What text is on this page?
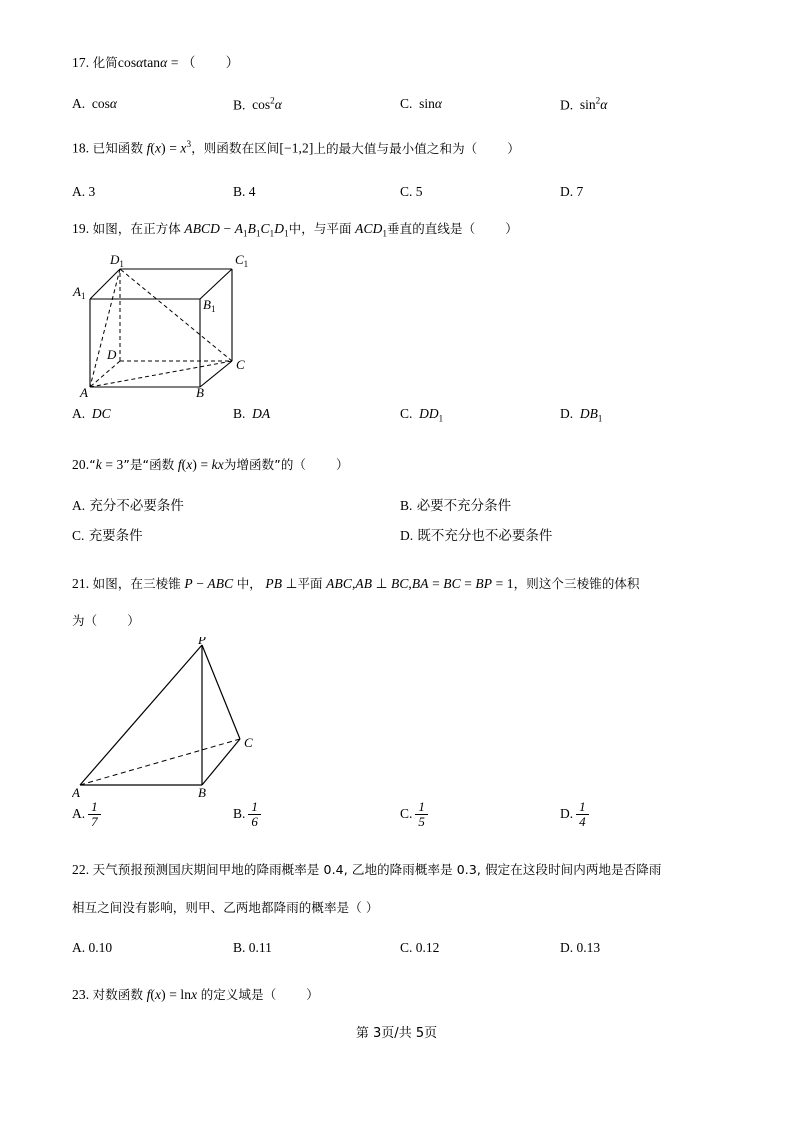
17. 化简cosαtanα = （ ）
A. cosα	B. $\cos^2\alpha$	C. sinα	D. $\sin^2\alpha$
18. 已知函数 $f(x) = x^3$，则函数在区间[−1,2]上的最大值与最小值之和为（ ）
A. 3	B. 4	C. 5	D. 7
19. 如图，在正方体 ABCD − $A_1B_1C_1D_1$中，与平面 $ACD_1$垂直的直线是（ ）
$D_1$	$C_1$
$A_1$
$B_1$
D
C
A	B
A. DC	B. DA	C. $DD_1$	D. $DB_1$
20.“k = 3”是“函数 f(x) = kx为增函数”的（ ）
A. 充分不必要条件	B. 必要不充分条件
C. 充要条件	D. 既不充分也不必要条件
21. 如图，在三棱锥 P − ABC 中， PB ⊥平面 ABC,AB ⊥ BC,BA = BC = BP = 1，则这个三棱锥的体积
为（ ）
P
C
A	B
A. $\frac{1}{7}$	B. $\frac{1}{6}$	C. $\frac{1}{5}$	D. $\frac{1}{4}$
22. 天气预报预测国庆期间甲地的降雨概率是 0.4, 乙地的降雨概率是 0.3, 假定在这段时间内两地是否降雨
相互之间没有影响，则甲、乙两地都降雨的概率是（ ）
A. 0.10	B. 0.11	C. 0.12	D. 0.13
23. 对数函数 f(x) = lnx 的定义域是（ ）
第 3页/共 5页
